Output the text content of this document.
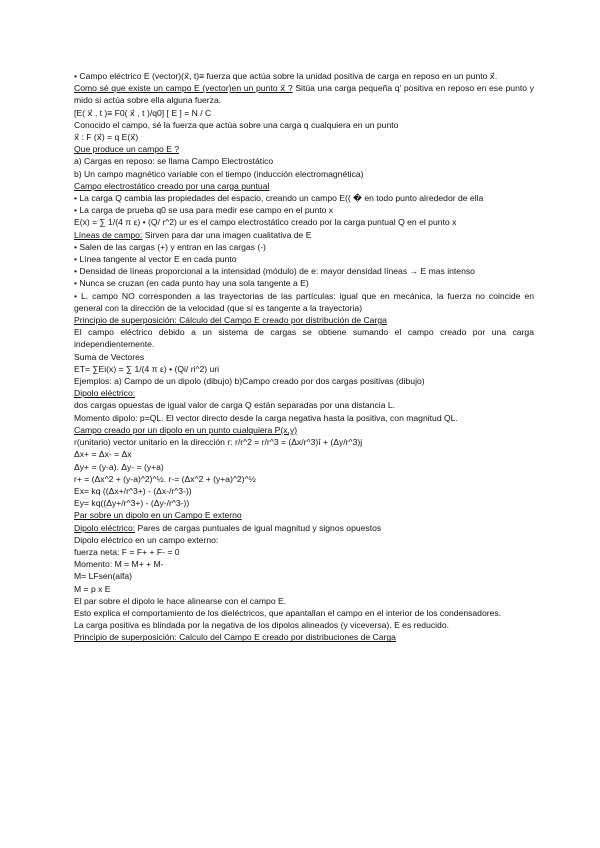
• Campo eléctrico E (vector)(x⃗, t)≡ fuerza que actúa sobre la unidad positiva de carga en reposo en un punto x⃗.
Como sé que existe un campo E (vector)en un punto x⃗ ? Sitúa una carga pequeña q' positiva en reposo en ese punto y mido si actúa sobre ella alguna fuerza.
[E( x⃗ , t )≡ F0( x⃗ , t )/q0] [ E ] = N / C
Conocido el campo, sé la fuerza que actúa sobre una carga q cualquiera en un punto
x⃗ : F (x⃗) = q E(x⃗)
Que produce un campo E ?
a) Cargas en reposo: se llama Campo Electrostático
b) Un campo magnético variable con el tiempo (inducción electromagnética)
Campo electrostático creado por una carga puntual
• La carga Q cambia las propiedades del espacio, creando un campo E(( � en todo punto alrededor de ella
• La carga de prueba q0 se usa para medir ese campo en el punto x
E(x) = ∑ 1/(4 π ε) • (Q/ r^2) ur es el campo electrostático creado por la carga puntual Q en el punto x
Líneas de campo: Sirven para dar una imagen cualitativa de E
• Salen de las cargas (+) y entran en las cargas (-)
• Línea tangente al vector E en cada punto
• Densidad de líneas proporcional a la intensidad (módulo) de e: mayor densidad líneas → E mas intenso
• Nunca se cruzan (en cada punto hay una sola tangente a E)
• L. campo NO corresponden a las trayectorias de las partículas: igual que en mecánica, la fuerza no coincide en general con la dirección de la velocidad (que sí es tangente a la trayectoria)
Principio de superposición: Cálculo del Campo E creado por distribución de Carga
El campo eléctrico debido a un sistema de cargas se obtiene sumando el campo creado por una carga independientemente.
Suma de Vectores
ET= ∑Ei(x) = ∑ 1/(4 π ε) • (Qi/ ri^2) uri
Ejemplos: a) Campo de un dipolo (dibujo) b)Campo creado por dos cargas positivas (dibujo)
Dipolo eléctrico:
dos cargas opuestas de igual valor de carga Q están separadas por una distancia L.
Momento dipolo: p=QL. El vector directo desde la carga negativa hasta la positiva, con magnitud QL.
Campo creado por un dipolo en un punto cualquiera P(x,y)
r(unitario) vector unitario en la dirección r: r/r^2 = r/r^3 = (Δx/r^3)î + (Δy/r^3)j
Δx+ = Δx- = Δx
Δy+ = (y-a). Δy- = (y+a)
r+ = (Δx^2 + (y-a)^2)^½. r-= (Δx^2 + (y+a)^2)^½
Ex= kq ((Δx+/r^3+) - (Δx-/r^3-))
Ey= kq((Δy+/r^3+) - (Δy-/r^3-))
Par sobre un dipolo en un Campo E externo
Dipolo eléctrico: Pares de cargas puntuales de igual magnitud y signos opuestos
Dipolo eléctrico en un campo externo:
fuerza neta: F = F+ + F- = 0
Momento: M = M+ + M-
M= LFsen(alfa)
M = p x E
El par sobre el dipolo le hace alinearse con el campo E.
Esto explica el comportamiento de los dieléctricos, que apantallan el campo en el interior de los condensadores.
La carga positiva es blindada por la negativa de los dipolos alineados (y viceversa). E es reducido.
Principio de superposición: Calculo del Campo E creado por distribuciones de Carga
